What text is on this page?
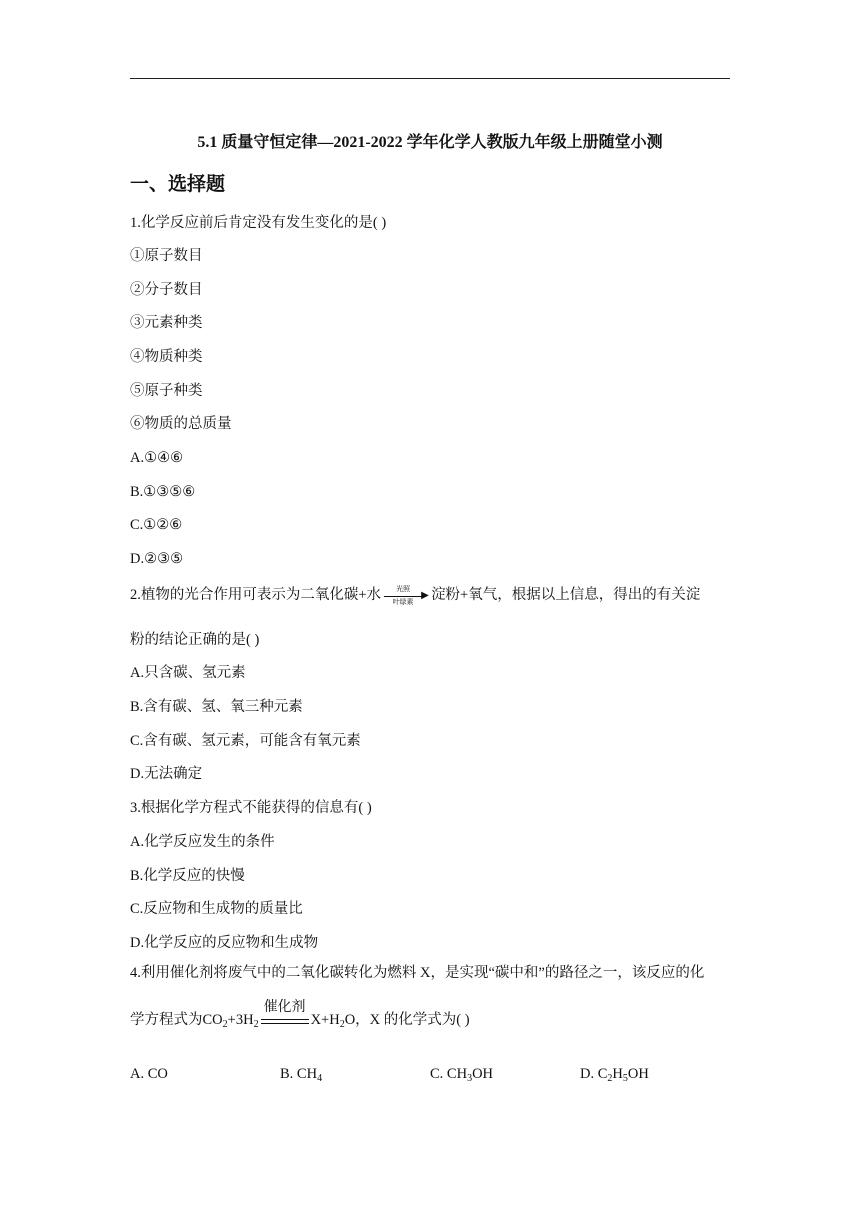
5.1 质量守恒定律—2021-2022 学年化学人教版九年级上册随堂小测
一、选择题
1.化学反应前后肯定没有发生变化的是( )
①原子数目
②分子数目
③元素种类
④物质种类
⑤原子种类
⑥物质的总质量
A.①④⑥
B.①③⑤⑥
C.①②⑥
D.②③⑤
2.植物的光合作用可表示为二氧化碳+水	光照
▶
叶绿素	淀粉+氧气，根据以上信息，得出的有关淀
粉的结论正确的是( )
A.只含碳、氢元素
B.含有碳、氢、氧三种元素
C.含有碳、氢元素，可能含有氧元素
D.无法确定
3.根据化学方程式不能获得的信息有( )
A.化学反应发生的条件
B.化学反应的快慢
C.反应物和生成物的质量比
D.化学反应的反应物和生成物
4.利用催化剂将废气中的二氧化碳转化为燃料 X，是实现“碳中和”的路径之一，该反应的化
学方程式为$CO_2+3H_2$
催化剂
$X+H_2O$，X 的化学式为( )
A. CO	B. $CH_4$	C. $CH_3OH$	D. $C_2H_5OH$
